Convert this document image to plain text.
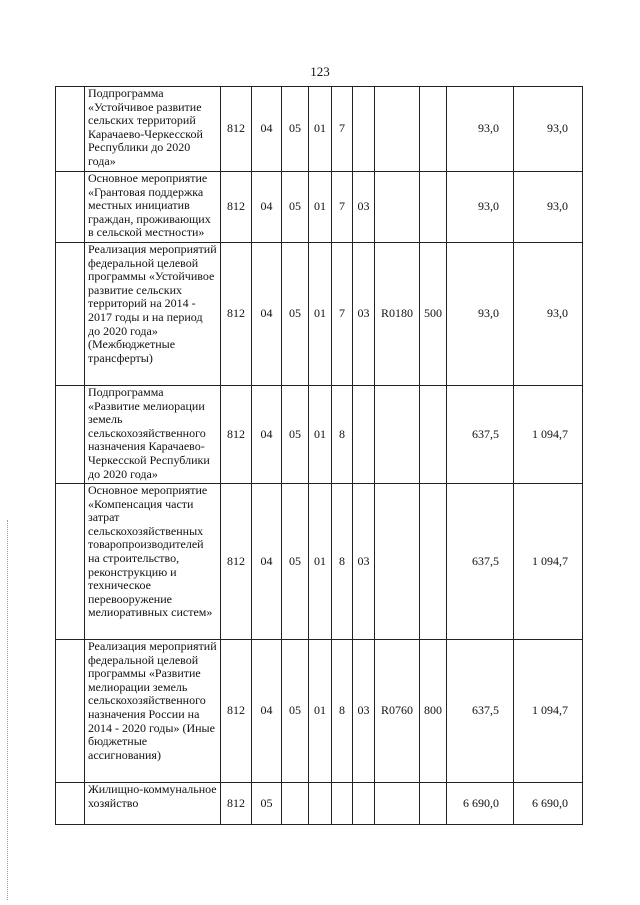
123
	Подпрограмма «Устойчивое развитие сельских территорий Карачаево-Черкесской Республики до 2020 года»	812	04	05	01	7				93,0	93,0
	Основное мероприятие «Грантовая поддержка местных инициатив граждан, проживающих в сельской местности»	812	04	05	01	7	03			93,0	93,0
	Реализация мероприятий федеральной целевой программы «Устойчивое развитие сельских территорий на 2014 - 2017 годы и на период до 2020 года» (Межбюджетные трансферты)	812	04	05	01	7	03	R0180	500	93,0	93,0
	Подпрограмма «Развитие мелиорации земель сельскохозяйственного назначения Карачаево-Черкесской Республики до 2020 года»	812	04	05	01	8				637,5	1 094,7
	Основное мероприятие «Компенсация части затрат сельскохозяйственных товаропроизводителей на строительство, реконструкцию и техническое перевооружение мелиоративных систем»	812	04	05	01	8	03			637,5	1 094,7
	Реализация мероприятий федеральной целевой программы «Развитие мелиорации земель сельскохозяйственного назначения России на 2014 - 2020 годы» (Иные бюджетные ассигнования)	812	04	05	01	8	03	R0760	800	637,5	1 094,7
	Жилищно-коммунальное хозяйство	812	05							6 690,0	6 690,0
